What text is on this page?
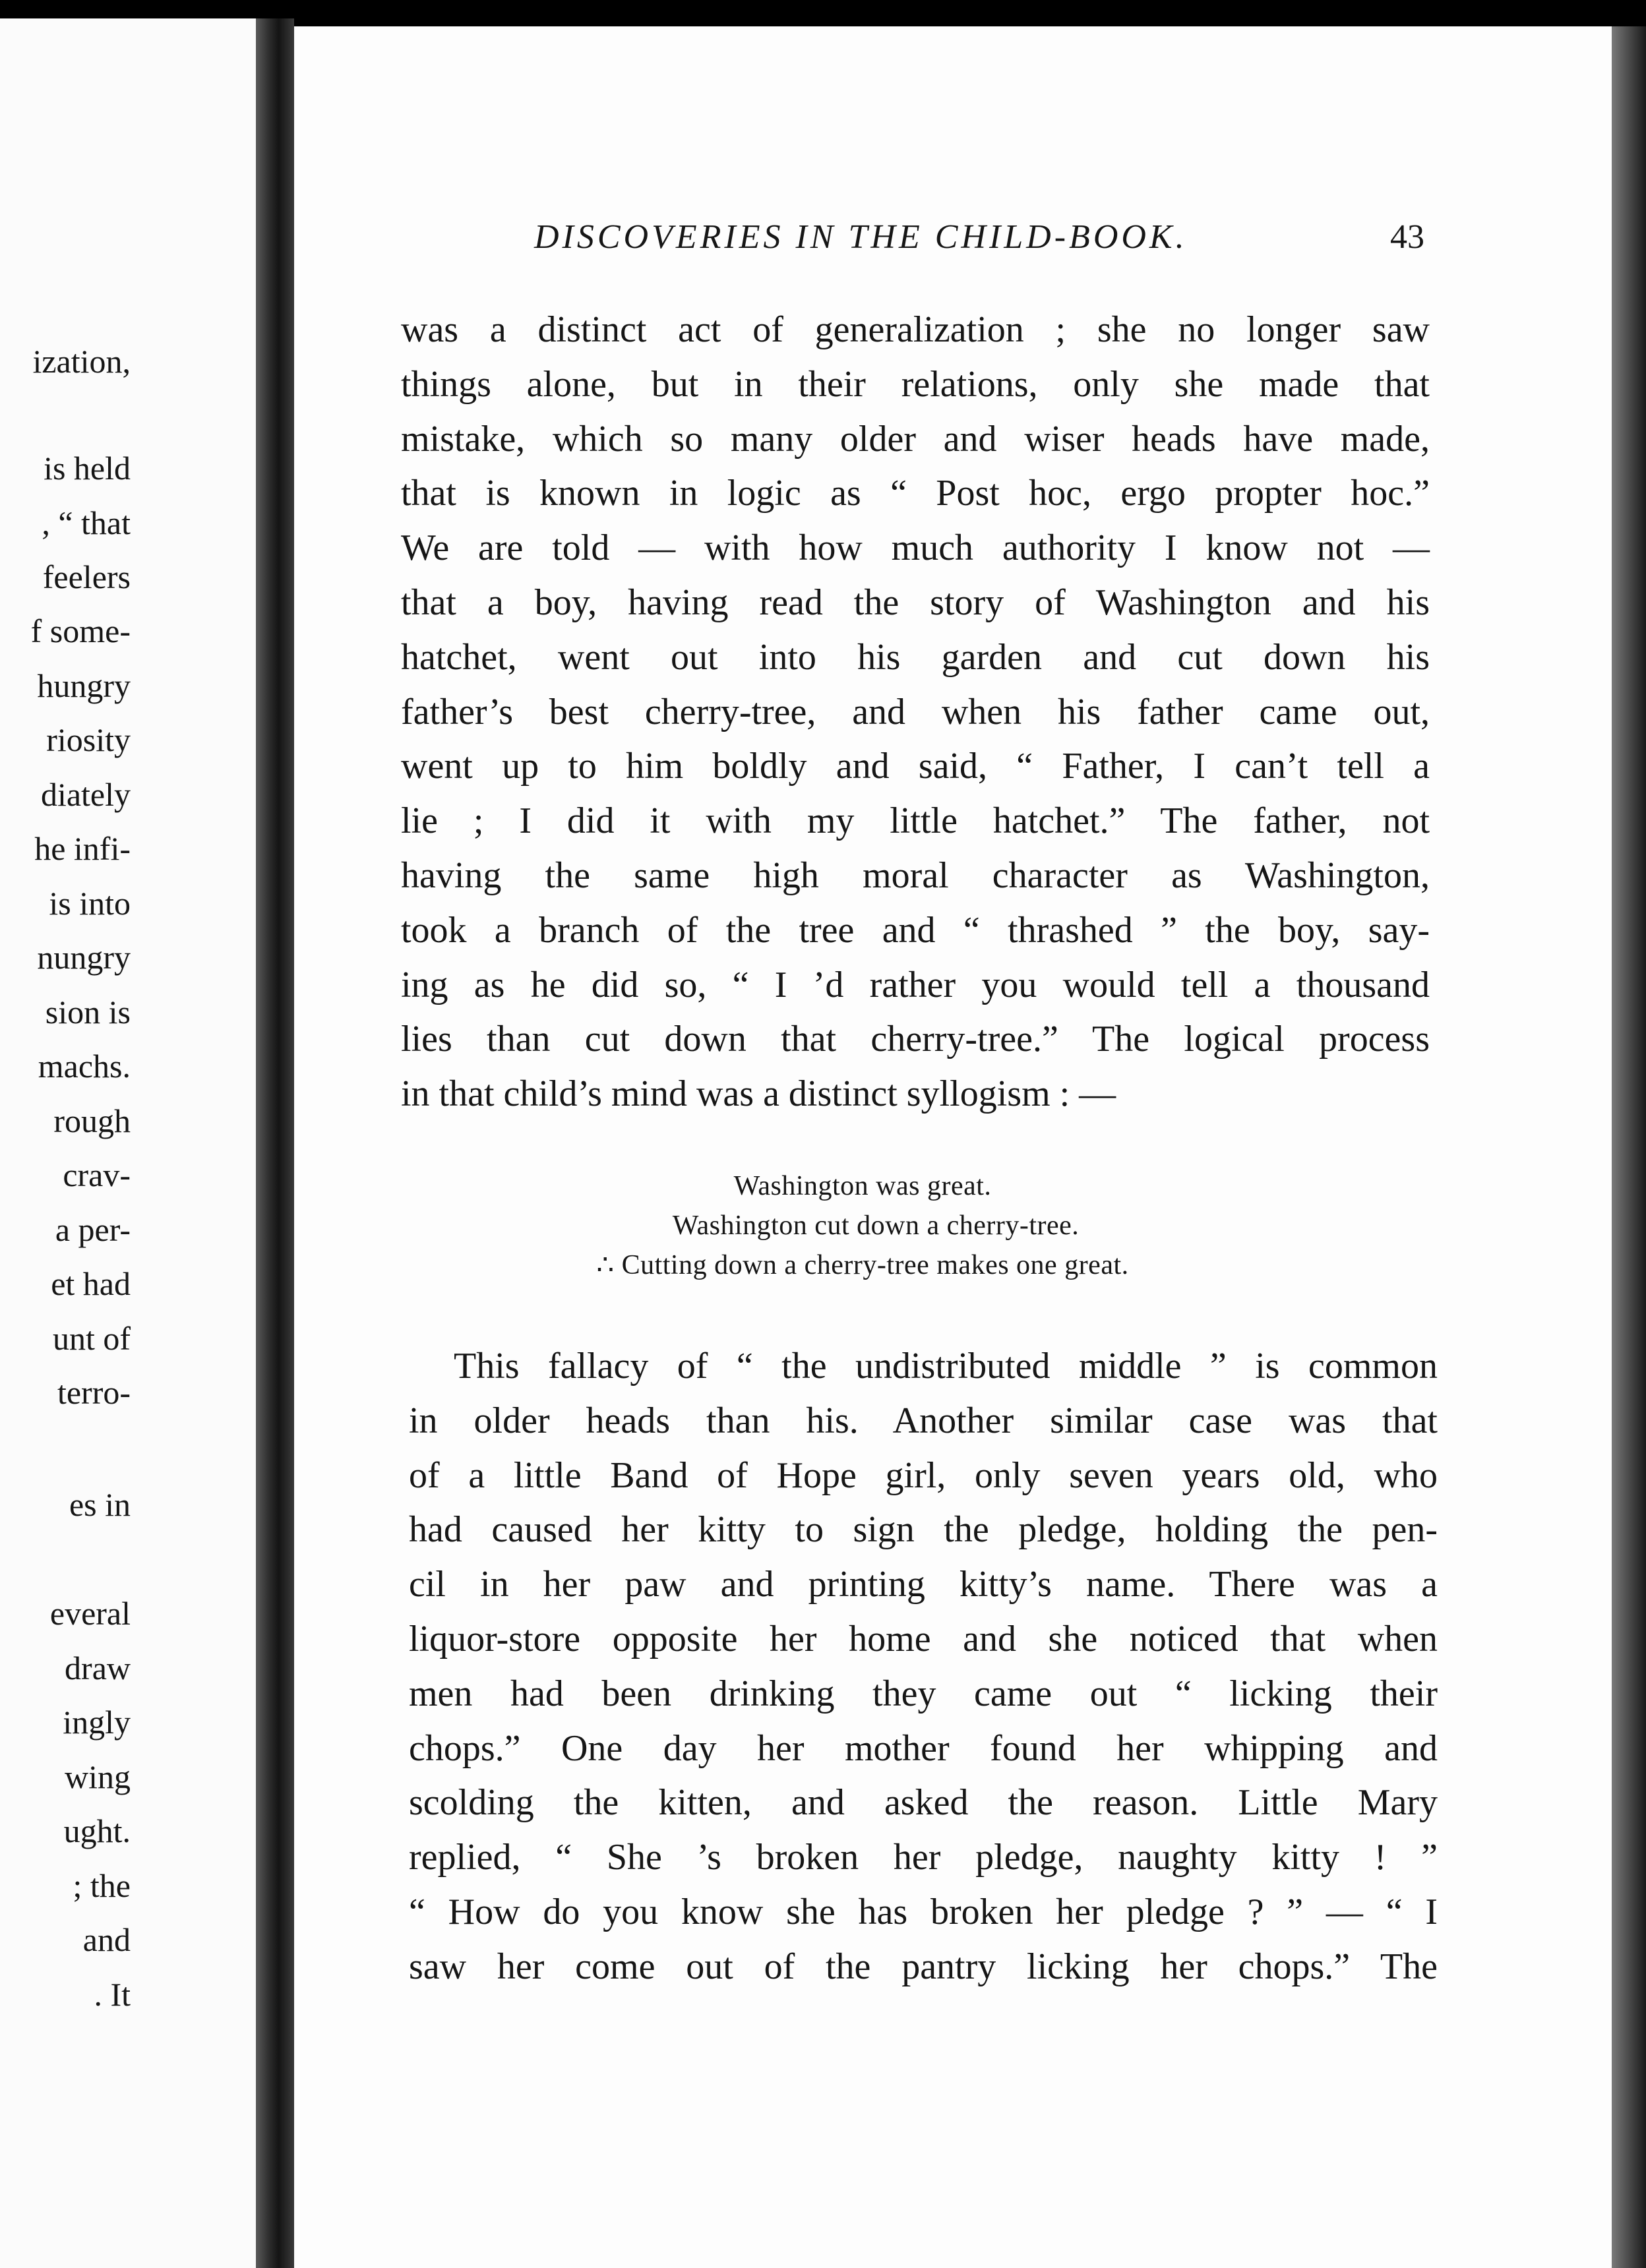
ization,
is held
, “ that
feelers
f some-
hungry
riosity
diately
he infi-
is into
nungry
sion is
machs.
rough
crav-
a per-
et had
unt of
terro-
es in
everal
draw
ingly
wing
ught.
; the
and
. It
DISCOVERIES IN THE CHILD-BOOK.	43
was a distinct act of generalization ; she no longer saw
things alone, but in their relations, only she made that
mistake, which so many older and wiser heads have made,
that is known in logic as “ Post hoc, ergo propter hoc.”
We are told — with how much authority I know not —
that a boy, having read the story of Washington and his
hatchet, went out into his garden and cut down his
father’s best cherry-tree, and when his father came out,
went up to him boldly and said, “ Father, I can’t tell a
lie ; I did it with my little hatchet.” The father, not
having the same high moral character as Washington,
took a branch of the tree and “ thrashed ” the boy, say-
ing as he did so, “ I ’d rather you would tell a thousand
lies than cut down that cherry-tree.” The logical process
in that child’s mind was a distinct syllogism : —
Washington was great.
Washington cut down a cherry-tree.
∴ Cutting down a cherry-tree makes one great.
This fallacy of “ the undistributed middle ” is common
in older heads than his. Another similar case was that
of a little Band of Hope girl, only seven years old, who
had caused her kitty to sign the pledge, holding the pen-
cil in her paw and printing kitty’s name. There was a
liquor-store opposite her home and she noticed that when
men had been drinking they came out “ licking their
chops.” One day her mother found her whipping and
scolding the kitten, and asked the reason. Little Mary
replied, “ She ’s broken her pledge, naughty kitty ! ”
“ How do you know she has broken her pledge ? ” — “ I
saw her come out of the pantry licking her chops.” The
